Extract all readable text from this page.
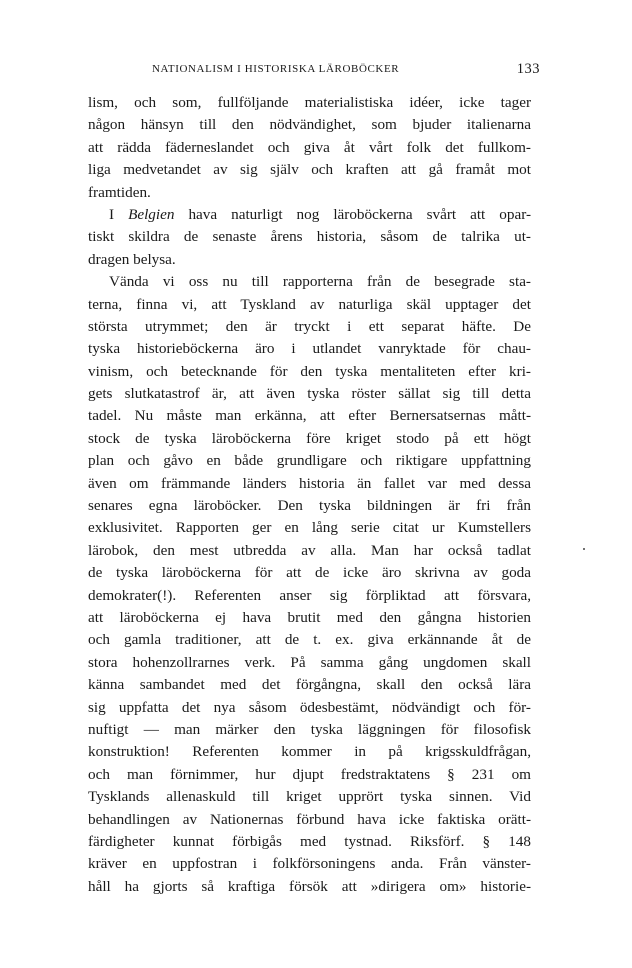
NATIONALISM I HISTORISKA LÄROBÖCKER	133
lism, och som, fullföljande materialistiska idéer, icke tager
någon hänsyn till den nödvändighet, som bjuder italienarna
att rädda fäderneslandet och giva åt vårt folk det fullkom-
liga medvetandet av sig själv och kraften att gå framåt mot
framtiden.
I Belgien hava naturligt nog läroböckerna svårt att opar-
tiskt skildra de senaste årens historia, såsom de talrika ut-
dragen belysa.
Vända vi oss nu till rapporterna från de besegrade sta-
terna, finna vi, att Tyskland av naturliga skäl upptager det
största utrymmet; den är tryckt i ett separat häfte. De
tyska historieböckerna äro i utlandet vanryktade för chau-
vinism, och betecknande för den tyska mentaliteten efter kri-
gets slutkatastrof är, att även tyska röster sällat sig till detta
tadel. Nu måste man erkänna, att efter Bernersatsernas mått-
stock de tyska läroböckerna före kriget stodo på ett högt
plan och gåvo en både grundligare och riktigare uppfattning
även om främmande länders historia än fallet var med dessa
senares egna läroböcker. Den tyska bildningen är fri från
exklusivitet. Rapporten ger en lång serie citat ur Kumstellers
lärobok, den mest utbredda av alla. Man har också tadlat
de tyska läroböckerna för att de icke äro skrivna av goda
demokrater(!). Referenten anser sig förpliktad att försvara,
att läroböckerna ej hava brutit med den gångna historien
och gamla traditioner, att de t. ex. giva erkännande åt de
stora hohenzollrarnes verk. På samma gång ungdomen skall
känna sambandet med det förgångna, skall den också lära
sig uppfatta det nya såsom ödesbestämt, nödvändigt och för-
nuftigt — man märker den tyska läggningen för filosofisk
konstruktion! Referenten kommer in på krigsskuldfrågan,
och man förnimmer, hur djupt fredstraktatens § 231 om
Tysklands allenaskuld till kriget upprört tyska sinnen. Vid
behandlingen av Nationernas förbund hava icke faktiska orätt-
färdigheter kunnat förbigås med tystnad. Riksförf. § 148
kräver en uppfostran i folkförsoningens anda. Från vänster-
håll ha gjorts så kraftiga försök att »dirigera om» historie-
